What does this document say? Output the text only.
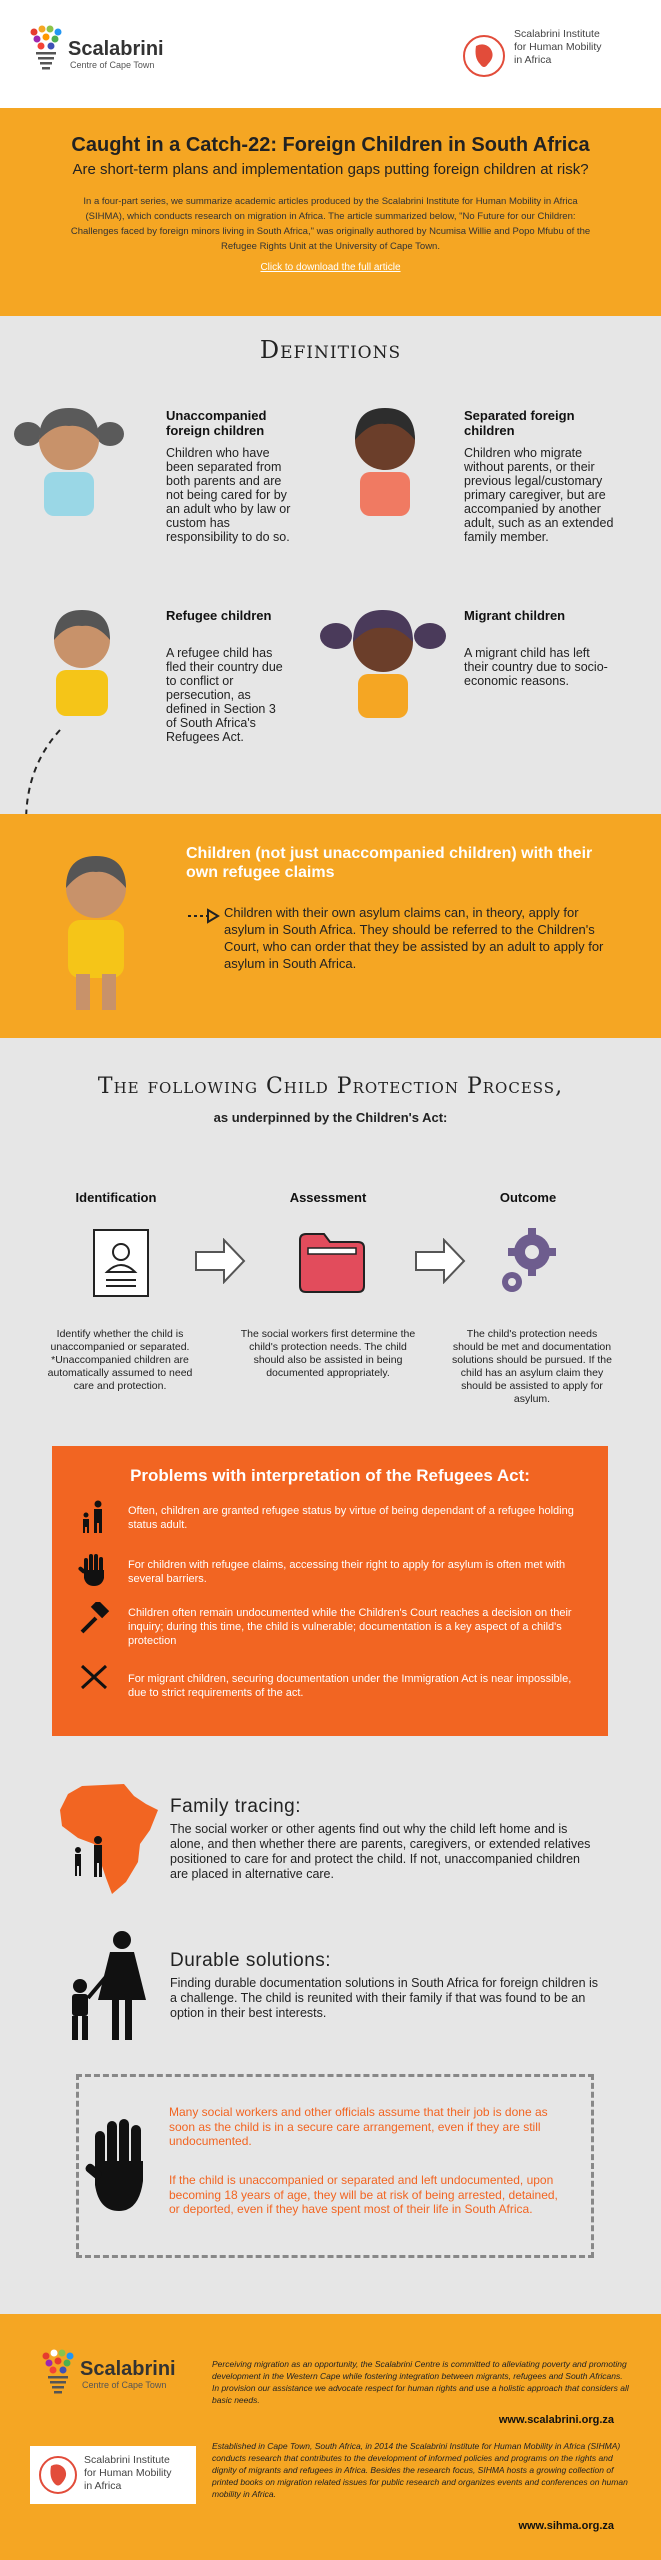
Scalabrini
Centre of Cape Town
Scalabrini Institute
for Human Mobility
in Africa
Caught in a Catch-22: Foreign Children in South Africa
Are short-term plans and implementation gaps putting foreign children at risk?

In a four-part series, we summarize academic articles produced by the Scalabrini Institute for Human Mobility in Africa (SIHMA), which conducts research on migration in Africa. The article summarized below, "No Future for our Children: Challenges faced by foreign minors living in South Africa," was originally authored by Ncumisa Willie and Popo Mfubu of the Refugee Rights Unit at the University of Cape Town.

Click to download the full article
Definitions
Unaccompanied foreign children
Children who have been separated from both parents and are not being cared for by an adult who by law or custom has responsibility to do so.
Separated foreign children
Children who migrate without parents, or their previous legal/customary primary caregiver, but are accompanied by another adult, such as an extended family member.
Refugee children
A refugee child has fled their country due to conflict or persecution, as defined in Section 3 of South Africa's Refugees Act.
Migrant children
A migrant child has left their country due to socio-economic reasons.
Children (not just unaccompanied children) with their own refugee claims

Children with their own asylum claims can, in theory, apply for asylum in South Africa. They should be referred to the Children's Court, who can order that they be assisted by an adult to apply for asylum in South Africa.

The following Child Protection Process,
as underpinned by the Children's Act:
Identification	Assessment	Outcome
Identify whether the child is unaccompanied or separated. *Unaccompanied children are automatically assumed to need care and protection.
The social workers first determine the child's protection needs. The child should also be assisted in being documented appropriately.
The child's protection needs should be met and documentation solutions should be pursued. If the child has an asylum claim they should be assisted to apply for asylum.
Problems with interpretation of the Refugees Act:
Often, children are granted refugee status by virtue of being dependant of a refugee holding status adult.
For children with refugee claims, accessing their right to apply for asylum is often met with several barriers.
Children often remain undocumented while the Children's Court reaches a decision on their inquiry; during this time, the child is vulnerable; documentation is a key aspect of a child's protection
For migrant children, securing documentation under the Immigration Act is near impossible, due to strict requirements of the act.
Family tracing:
The social worker or other agents find out why the child left home and is alone, and then whether there are parents, caregivers, or extended relatives positioned to care for and protect the child. If not, unaccompanied children are placed in alternative care.
Durable solutions:
Finding durable documentation solutions in South Africa for foreign children is a challenge. The child is reunited with their family if that was found to be an option in their best interests.
Many social workers and other officials assume that their job is done as soon as the child is in a secure care arrangement, even if they are still undocumented.
If the child is unaccompanied or separated and left undocumented, upon becoming 18 years of age, they will be at risk of being arrested, detained, or deported, even if they have spent most of their life in South Africa.
Scalabrini
Centre of Cape Town
Perceiving migration as an opportunity, the Scalabrini Centre is committed to alleviating poverty and promoting development in the Western Cape while fostering integration between migrants, refugees and South Africans. In provision our assistance we advocate respect for human rights and use a holistic approach that considers all basic needs.
www.scalabrini.org.za
Scalabrini Institute
for Human Mobility
in Africa
Established in Cape Town, South Africa, in 2014 the Scalabrini Institute for Human Mobility in Africa (SIHMA) conducts research that contributes to the development of informed policies and programs on the rights and dignity of migrants and refugees in Africa. Besides the research focus, SIHMA hosts a growing collection of printed books on migration related issues for public research and organizes events and conferences on human mobility in Africa.
www.sihma.org.za
